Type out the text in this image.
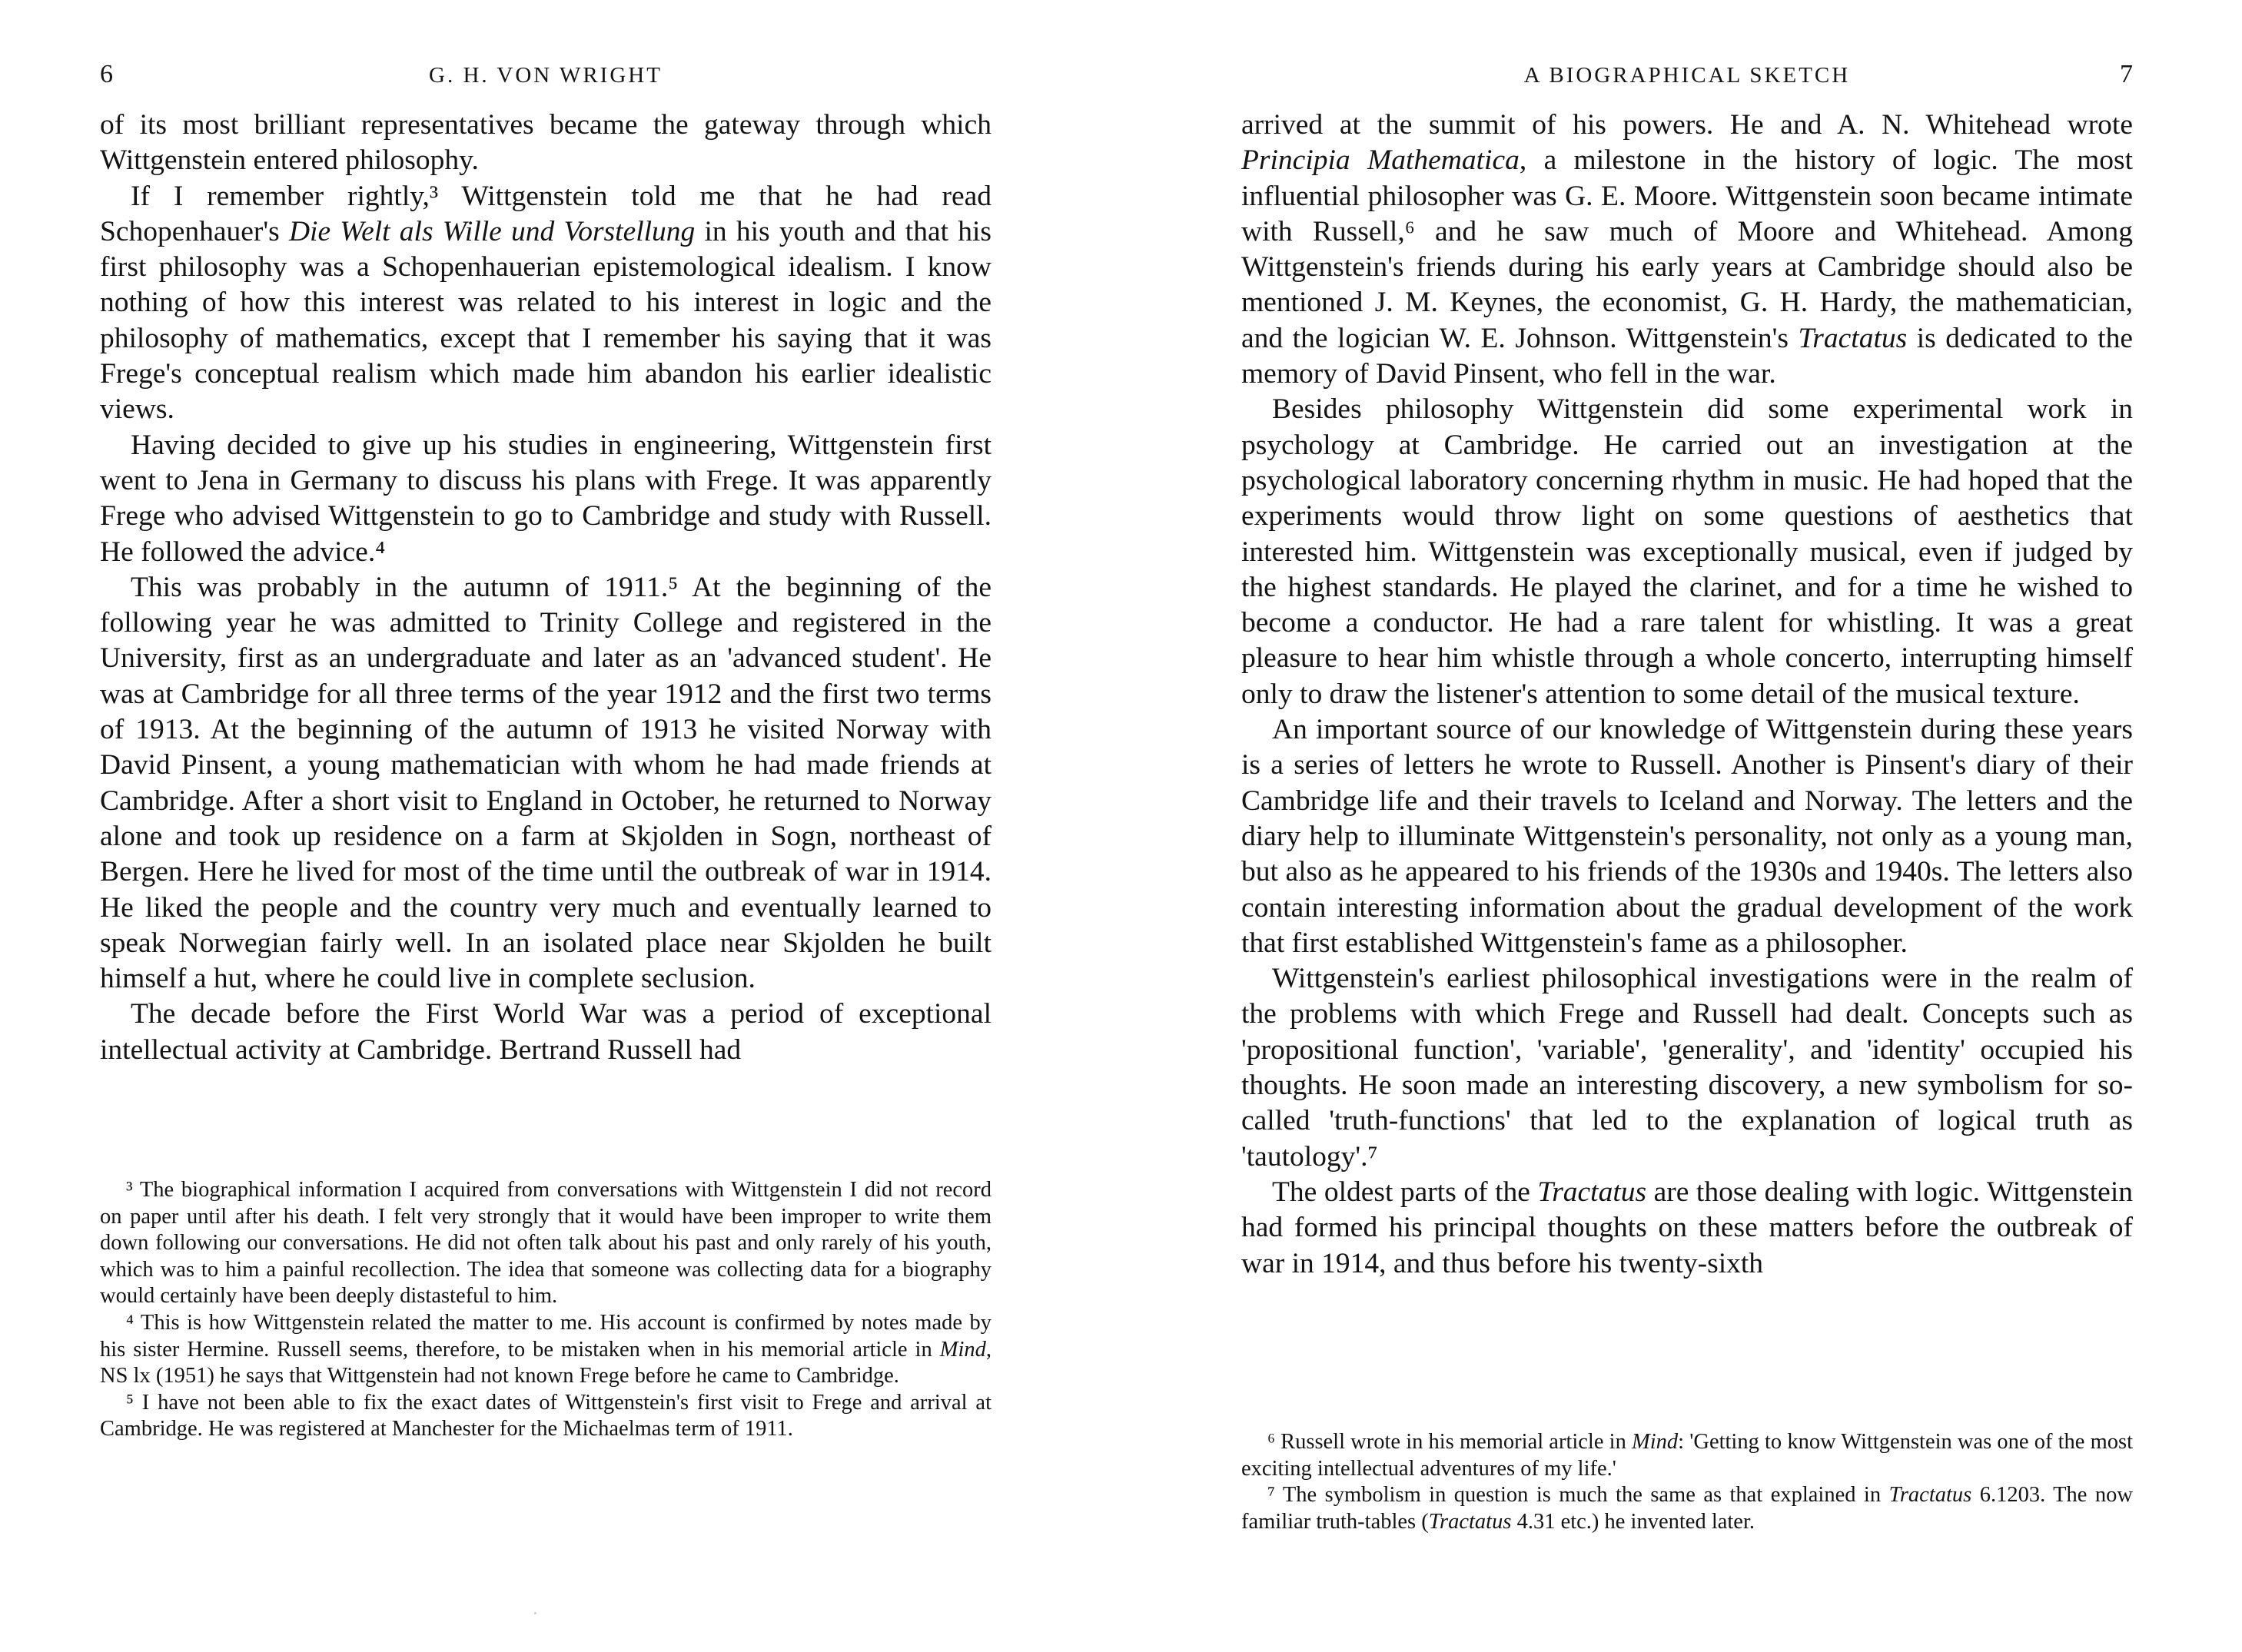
6	G. H. VON WRIGHT

of its most brilliant representatives became the gateway through which Wittgenstein entered philosophy.

If I remember rightly,³ Wittgenstein told me that he had read Schopenhauer's Die Welt als Wille und Vorstellung in his youth and that his first philosophy was a Schopenhauerian epistemological idealism. I know nothing of how this interest was related to his interest in logic and the philosophy of mathematics, except that I remember his saying that it was Frege's conceptual realism which made him abandon his earlier idealistic views.

Having decided to give up his studies in engineering, Wittgenstein first went to Jena in Germany to discuss his plans with Frege. It was apparently Frege who advised Wittgenstein to go to Cambridge and study with Russell. He followed the advice.⁴

This was probably in the autumn of 1911.⁵ At the beginning of the following year he was admitted to Trinity College and registered in the University, first as an undergraduate and later as an 'advanced student'. He was at Cambridge for all three terms of the year 1912 and the first two terms of 1913. At the beginning of the autumn of 1913 he visited Norway with David Pinsent, a young mathematician with whom he had made friends at Cambridge. After a short visit to England in October, he returned to Norway alone and took up residence on a farm at Skjolden in Sogn, northeast of Bergen. Here he lived for most of the time until the outbreak of war in 1914. He liked the people and the country very much and eventually learned to speak Norwegian fairly well. In an isolated place near Skjolden he built himself a hut, where he could live in complete seclusion.

The decade before the First World War was a period of exceptional intellectual activity at Cambridge. Bertrand Russell had

³ The biographical information I acquired from conversations with Wittgenstein I did not record on paper until after his death. I felt very strongly that it would have been improper to write them down following our conversations. He did not often talk about his past and only rarely of his youth, which was to him a painful recollection. The idea that someone was collecting data for a biography would certainly have been deeply distasteful to him.

⁴ This is how Wittgenstein related the matter to me. His account is confirmed by notes made by his sister Hermine. Russell seems, therefore, to be mistaken when in his memorial article in Mind, NS lx (1951) he says that Wittgenstein had not known Frege before he came to Cambridge.

⁵ I have not been able to fix the exact dates of Wittgenstein's first visit to Frege and arrival at Cambridge. He was registered at Manchester for the Michaelmas term of 1911.

A BIOGRAPHICAL SKETCH	7

arrived at the summit of his powers. He and A. N. Whitehead wrote Principia Mathematica, a milestone in the history of logic. The most influential philosopher was G. E. Moore. Wittgenstein soon became intimate with Russell,⁶ and he saw much of Moore and Whitehead. Among Wittgenstein's friends during his early years at Cambridge should also be mentioned J. M. Keynes, the economist, G. H. Hardy, the mathematician, and the logician W. E. Johnson. Wittgenstein's Tractatus is dedicated to the memory of David Pinsent, who fell in the war.

Besides philosophy Wittgenstein did some experimental work in psychology at Cambridge. He carried out an investigation at the psychological laboratory concerning rhythm in music. He had hoped that the experiments would throw light on some questions of aesthetics that interested him. Wittgenstein was exceptionally musical, even if judged by the highest standards. He played the clarinet, and for a time he wished to become a conductor. He had a rare talent for whistling. It was a great pleasure to hear him whistle through a whole concerto, interrupting himself only to draw the listener's attention to some detail of the musical texture.

An important source of our knowledge of Wittgenstein during these years is a series of letters he wrote to Russell. Another is Pinsent's diary of their Cambridge life and their travels to Iceland and Norway. The letters and the diary help to illuminate Wittgenstein's personality, not only as a young man, but also as he appeared to his friends of the 1930s and 1940s. The letters also contain interesting information about the gradual development of the work that first established Wittgenstein's fame as a philosopher.

Wittgenstein's earliest philosophical investigations were in the realm of the problems with which Frege and Russell had dealt. Concepts such as 'propositional function', 'variable', 'generality', and 'identity' occupied his thoughts. He soon made an interesting discovery, a new symbolism for so-called 'truth-functions' that led to the explanation of logical truth as 'tautology'.⁷

The oldest parts of the Tractatus are those dealing with logic. Wittgenstein had formed his principal thoughts on these matters before the outbreak of war in 1914, and thus before his twenty-sixth

⁶ Russell wrote in his memorial article in Mind: 'Getting to know Wittgenstein was one of the most exciting intellectual adventures of my life.'

⁷ The symbolism in question is much the same as that explained in Tractatus 6.1203. The now familiar truth-tables (Tractatus 4.31 etc.) he invented later.
